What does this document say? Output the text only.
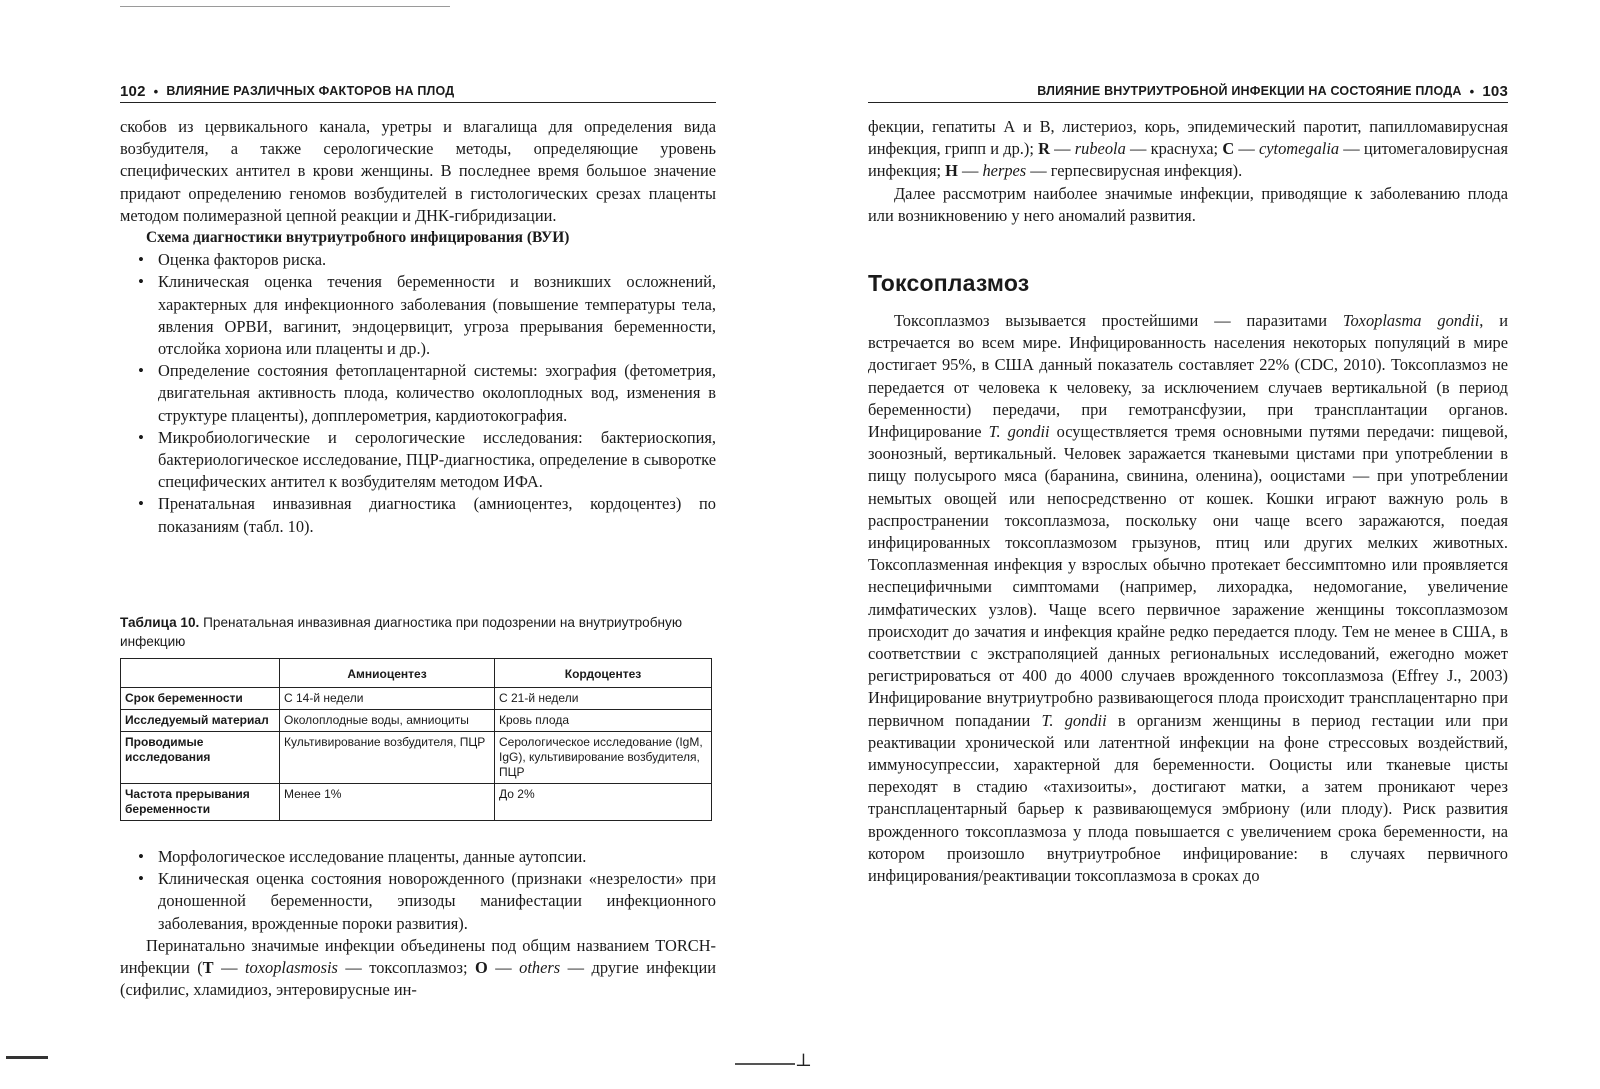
⊥
102 • ВЛИЯНИЕ РАЗЛИЧНЫХ ФАКТОРОВ НА ПЛОД

скобов из цервикального канала, уретры и влагалища для определения вида возбудителя, а также серологические методы, определяющие уровень специфических антител в крови женщины. В последнее время большое значение придают определению геномов возбудителей в гистологических срезах плаценты методом полимеразной цепной реакции и ДНК-гибридизации.

Схема диагностики внутриутробного инфицирования (ВУИ)

• Оценка факторов риска.
• Клиническая оценка течения беременности и возникших осложнений, характерных для инфекционного заболевания (повышение температуры тела, явления ОРВИ, вагинит, эндоцервицит, угроза прерывания беременности, отслойка хориона или плаценты и др.).
• Определение состояния фетоплацентарной системы: эхография (фетометрия, двигательная активность плода, количество околоплодных вод, изменения в структуре плаценты), допплерометрия, кардиотокография.
• Микробиологические и серологические исследования: бактериоскопия, бактериологическое исследование, ПЦР-диагностика, определение в сыворотке специфических антител к возбудителям методом ИФА.
• Пренатальная инвазивная диагностика (амниоцентез, кордоцентез) по показаниям (табл. 10).
Таблица 10. Пренатальная инвазивная диагностика при подозрении на внутриутробную инфекцию
	Амниоцентез	Кордоцентез
Срок беременности	С 14-й недели	С 21-й недели
Исследуемый материал	Околоплодные воды, амниоциты	Кровь плода
Проводимые исследования	Культивирование возбудителя, ПЦР	Серологическое исследование (IgM, IgG), культивирование возбудителя, ПЦР
Частота прерывания беременности	Менее 1%	До 2%
• Морфологическое исследование плаценты, данные аутопсии.
• Клиническая оценка состояния новорожденного (признаки «незрелости» при доношенной беременности, эпизоды манифестации инфекционного заболевания, врожденные пороки развития).

Перинатально значимые инфекции объединены под общим названием TORCH-инфекции (Т — toxoplasmosis — токсоплазмоз; О — others — другие инфекции (сифилис, хламидиоз, энтеровирусные ин-

ВЛИЯНИЕ ВНУТРИУТРОБНОЙ ИНФЕКЦИИ НА СОСТОЯНИЕ ПЛОДА • 103

фекции, гепатиты А и В, листериоз, корь, эпидемический паротит, папилломавирусная инфекция, грипп и др.); R — rubeola — краснуха; C — cytomegalia — цитомегаловирусная инфекция; H — herpes — герпесвирусная инфекция).

Далее рассмотрим наиболее значимые инфекции, приводящие к заболеванию плода или возникновению у него аномалий развития.

Токсоплазмоз

Токсоплазмоз вызывается простейшими — паразитами Toxoplasma gondii, и встречается во всем мире. Инфицированность населения некоторых популяций в мире достигает 95%, в США данный показатель составляет 22% (CDC, 2010). Токсоплазмоз не передается от человека к человеку, за исключением случаев вертикальной (в период беременности) передачи, при гемотрансфузии, при трансплантации органов. Инфицирование T. gondii осуществляется тремя основными путями передачи: пищевой, зоонозный, вертикальный. Человек заражается тканевыми цистами при употреблении в пищу полусырого мяса (баранина, свинина, оленина), ооцистами — при употреблении немытых овощей или непосредственно от кошек. Кошки играют важную роль в распространении токсоплазмоза, поскольку они чаще всего заражаются, поедая инфицированных токсоплазмозом грызунов, птиц или других мелких животных. Токсоплазменная инфекция у взрослых обычно протекает бессимптомно или проявляется неспецифичными симптомами (например, лихорадка, недомогание, увеличение лимфатических узлов). Чаще всего первичное заражение женщины токсоплазмозом происходит до зачатия и инфекция крайне редко передается плоду. Тем не менее в США, в соответствии с экстраполяцией данных региональных исследований, ежегодно может регистрироваться от 400 до 4000 случаев врожденного токсоплазмоза (Effrey J., 2003) Инфицирование внутриутробно развивающегося плода происходит трансплацентарно при первичном попадании T. gondii в организм женщины в период гестации или при реактивации хронической или латентной инфекции на фоне стрессовых воздействий, иммуносупрессии, характерной для беременности. Ооцисты или тканевые цисты переходят в стадию «тахизоиты», достигают матки, а затем проникают через трансплацентарный барьер к развивающемуся эмбриону (или плоду). Риск развития врожденного токсоплазмоза у плода повышается с увеличением срока беременности, на котором произошло внутриутробное инфицирование: в случаях первичного инфицирования/реактивации токсоплазмоза в сроках до
